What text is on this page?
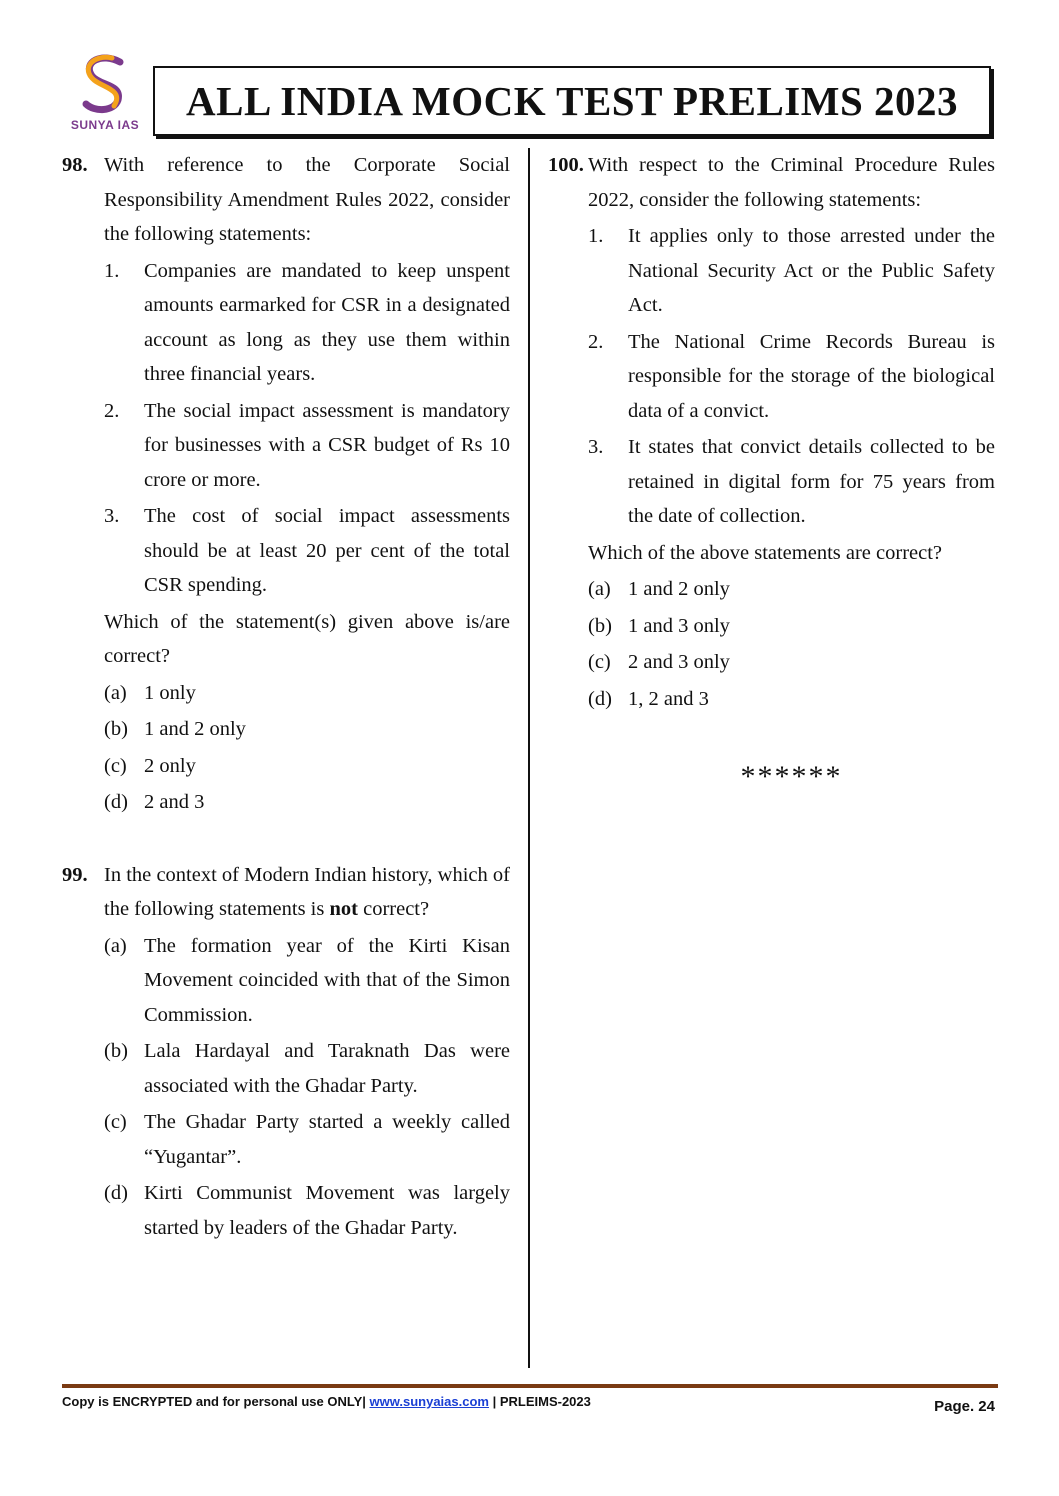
SUNYA IAS
ALL INDIA MOCK TEST PRELIMS 2023
98. With reference to the Corporate Social Responsibility Amendment Rules 2022, consider the following statements:
1.	Companies are mandated to keep unspent amounts earmarked for CSR in a designated account as long as they use them within three financial years.
2.	The social impact assessment is mandatory for businesses with a CSR budget of Rs 10 crore or more.
3.	The cost of social impact assessments should be at least 20 per cent of the total CSR spending.
Which of the statement(s) given above is/are correct?
(a) 1 only
(b) 1 and 2 only
(c) 2 only
(d) 2 and 3
99. In the context of Modern Indian history, which of the following statements is not correct?
(a) The formation year of the Kirti Kisan Movement coincided with that of the Simon Commission.
(b) Lala Hardayal and Taraknath Das were associated with the Ghadar Party.
(c) The Ghadar Party started a weekly called “Yugantar”.
(d) Kirti Communist Movement was largely started by leaders of the Ghadar Party.
100. With respect to the Criminal Procedure Rules 2022, consider the following statements:
1.	It applies only to those arrested under the National Security Act or the Public Safety Act.
2.	The National Crime Records Bureau is responsible for the storage of the biological data of a convict.
3.	It states that convict details collected to be retained in digital form for 75 years from the date of collection.
Which of the above statements are correct?
(a) 1 and 2 only
(b) 1 and 3 only
(c) 2 and 3 only
(d) 1, 2 and 3
******
Copy is ENCRYPTED and for personal use ONLY| www.sunyaias.com | PRLEIMS-2023	Page. 24
